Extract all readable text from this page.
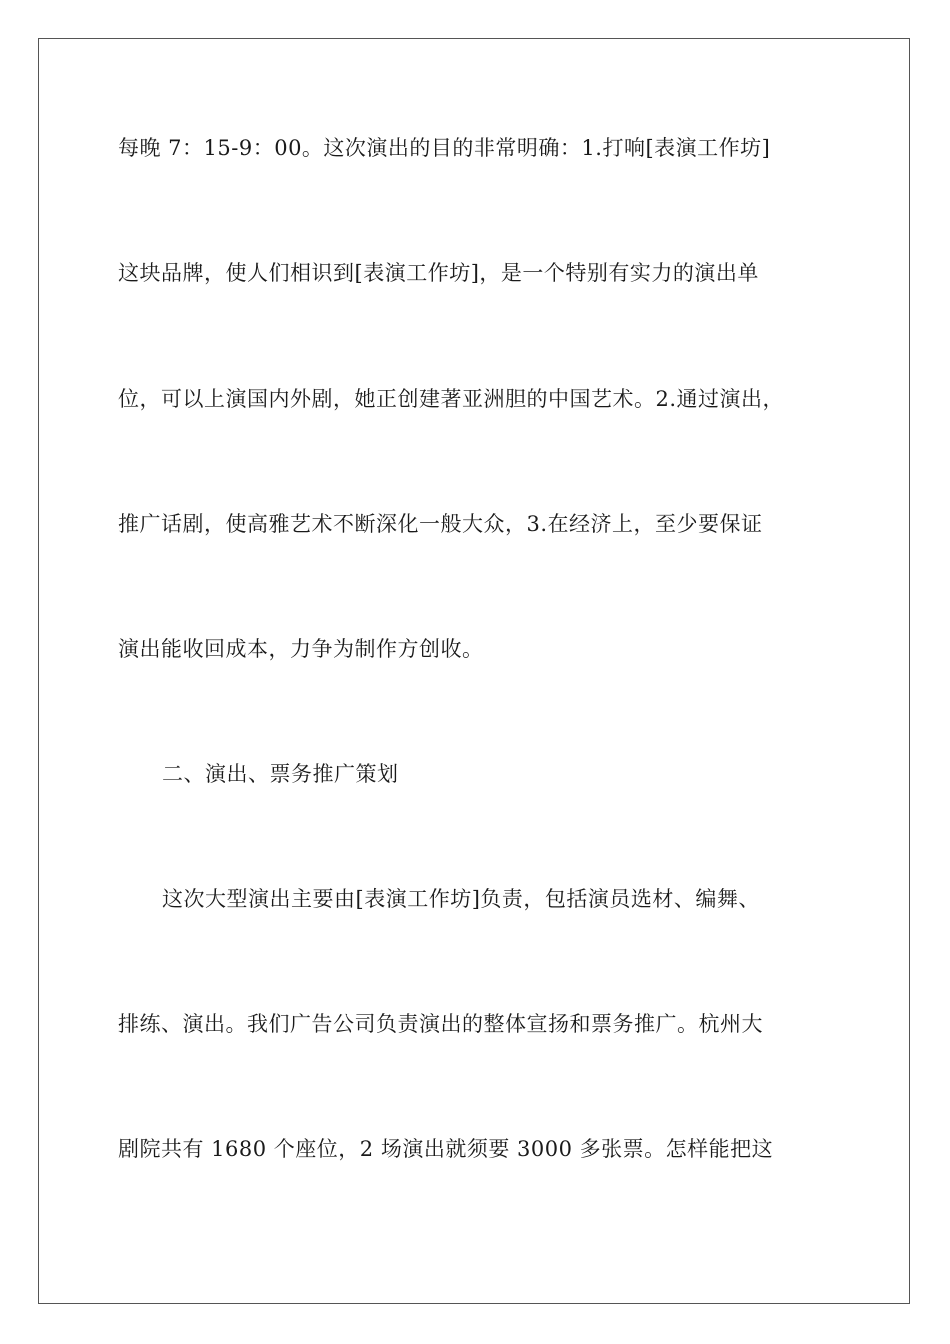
每晚 7：15-9：00。这次演出的目的非常明确：1.打响[表演工作坊]
这块品牌，使人们相识到[表演工作坊]，是一个特别有实力的演出单
位，可以上演国内外剧，她正创建著亚洲胆的中国艺术。2.通过演出，
推广话剧，使高雅艺术不断深化一般大众，3.在经济上，至少要保证
演出能收回成本，力争为制作方创收。
二、演出、票务推广策划
这次大型演出主要由[表演工作坊]负责，包括演员选材、编舞、
排练、演出。我们广告公司负责演出的整体宣扬和票务推广。杭州大
剧院共有 1680 个座位，2 场演出就须要 3000 多张票。怎样能把这
